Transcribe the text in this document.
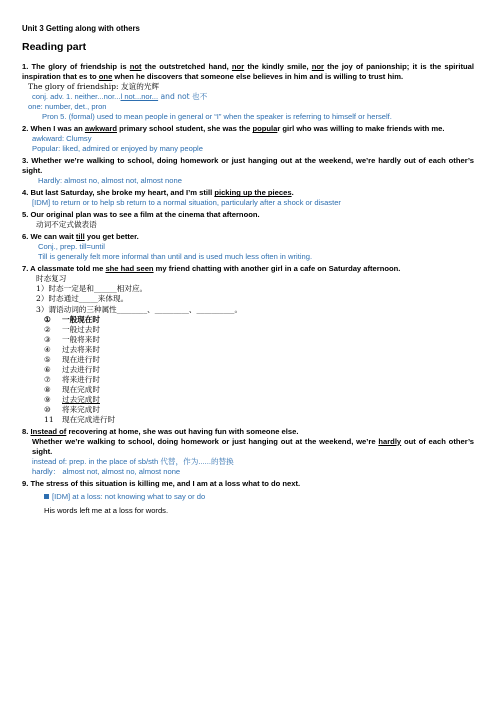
Unit 3 Getting along with others
Reading part
1. The glory of friendship is not the outstretched hand, nor the kindly smile, nor the joy of panionship; it is the spiritual inspiration that es to one when he discovers that someone else believes in him and is willing to trust him.
The glory of friendship: 友谊的光辉
conj. adv. 1. neither...nor...l not...nor... and not 也不
one: number, det., pron
Pron 5. (formal) used to mean people in general or “I” when the speaker is referring to himself or herself.
2. When I was an awkward primary school student, she was the popular girl who was willing to make friends with me.
awkward: Clumsy
Popular: liked, admired or enjoyed by many people
3. Whether we’re walking to school, doing homework or just hanging out at the weekend, we’re hardly out of each other’s sight.
Hardly: almost no, almost not, almost none
4. But last Saturday, she broke my heart, and I’m still picking up the pieces.
[IDM] to return or to help sb return to a normal situation, particularly after a shock or disaster
5. Our original plan was to see a film at the cinema that afternoon.
动词不定式做表语
6. We can wait till you get better.
Conj., prep. till=until
Till is generally felt more informal than until and is used much less often in writing.
7. A classmate told me she had seen my friend chatting with another girl in a cafe on Saturday afternoon.
时态复习
1）时态一定是和______相对应。
2）时态通过_____来体现。
3）谓语动词的三种属性________、_________、__________。
①	一般现在时
②	一般过去时
③	一般将来时
④	过去将来时
⑤	现在进行时
⑥	过去进行时
⑦	将来进行时
⑧	现在完成时
⑨	过去完成时
⑩	将来完成时
11	现在完成进行时
8. Instead of recovering at home, she was out having fun with someone else.
Whether we’re walking to school, doing homework or just hanging out at the weekend, we’re hardly out of each other’s sight.
instead of: prep. in the place of sb/sth 代替，作为......的替换
hardly： almost not, almost no, almost none
9. The stress of this situation is killing me, and I am at a loss what to do next.
[IDM] at a loss: not knowing what to say or do
His words left me at a loss for words.
